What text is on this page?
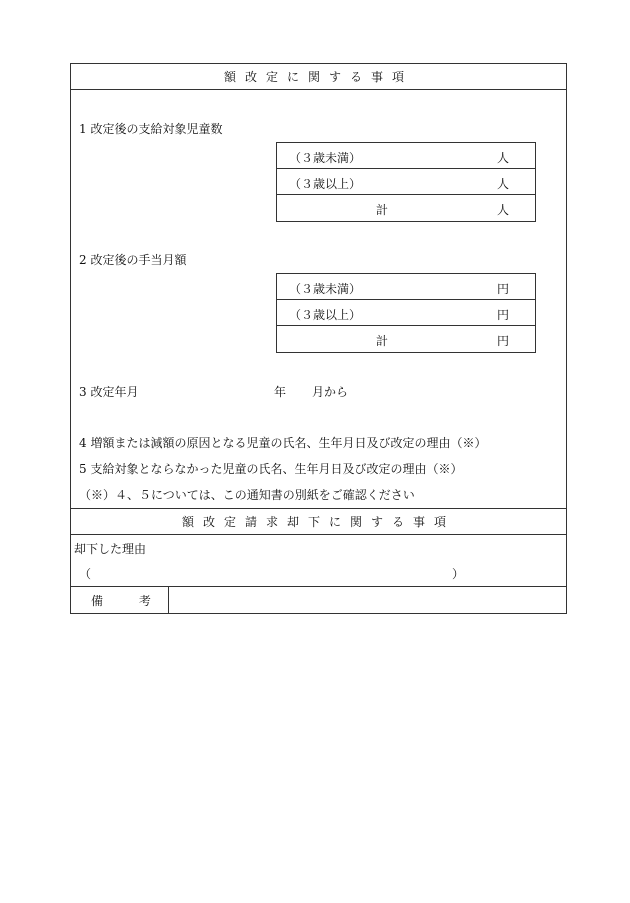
額改定に関する事項
1 改定後の支給対象児童数
（３歳未満）	人
（３歳以上）	人
計	人
2 改定後の手当月額
（３歳未満）	円
（３歳以上）	円
計	円
3 改定年月	年 月から
4 増額または減額の原因となる児童の氏名、生年月日及び改定の理由（※）
5 支給対象とならなかった児童の氏名、生年月日及び改定の理由（※）
（※）４、５については、この通知書の別紙をご確認ください
額改定請求却下に関する事項
却下した理由
（	）
備 考
